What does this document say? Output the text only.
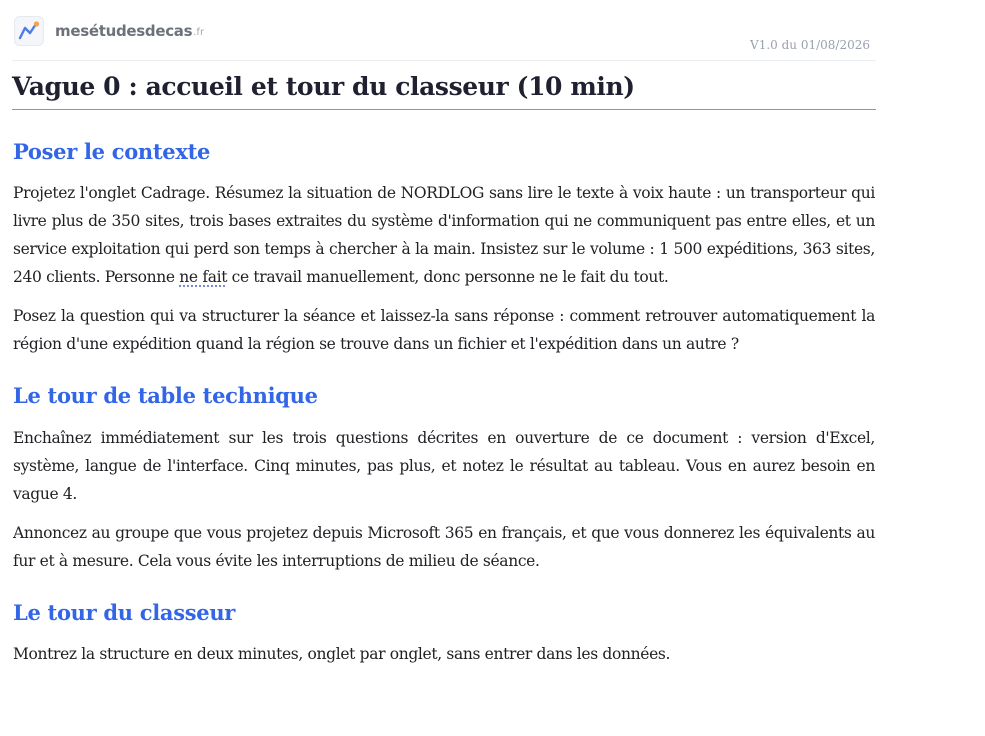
mesétudesdecas .fr
V1.0 du 01/08/2026
Vague 0 : accueil et tour du classeur (10 min)
Poser le contexte

Projetez l'onglet Cadrage. Résumez la situation de NORDLOG sans lire le texte à voix haute : un transporteur qui livre plus de 350 sites, trois bases extraites du système d'information qui ne communiquent pas entre elles, et un service exploitation qui perd son temps à chercher à la main. Insistez sur le volume : 1 500 expéditions, 363 sites, 240 clients. Personne ne fait ce travail manuellement, donc personne ne le fait du tout.

Posez la question qui va structurer la séance et laissez-la sans réponse : comment retrouver automatiquement la région d'une expédition quand la région se trouve dans un fichier et l'expédition dans un autre ?

Le tour de table technique

Enchaînez immédiatement sur les trois questions décrites en ouverture de ce document : version d'Excel, système, langue de l'interface. Cinq minutes, pas plus, et notez le résultat au tableau. Vous en aurez besoin en vague 4.

Annoncez au groupe que vous projetez depuis Microsoft 365 en français, et que vous donnerez les équivalents au fur et à mesure. Cela vous évite les interruptions de milieu de séance.

Le tour du classeur

Montrez la structure en deux minutes, onglet par onglet, sans entrer dans les données.
